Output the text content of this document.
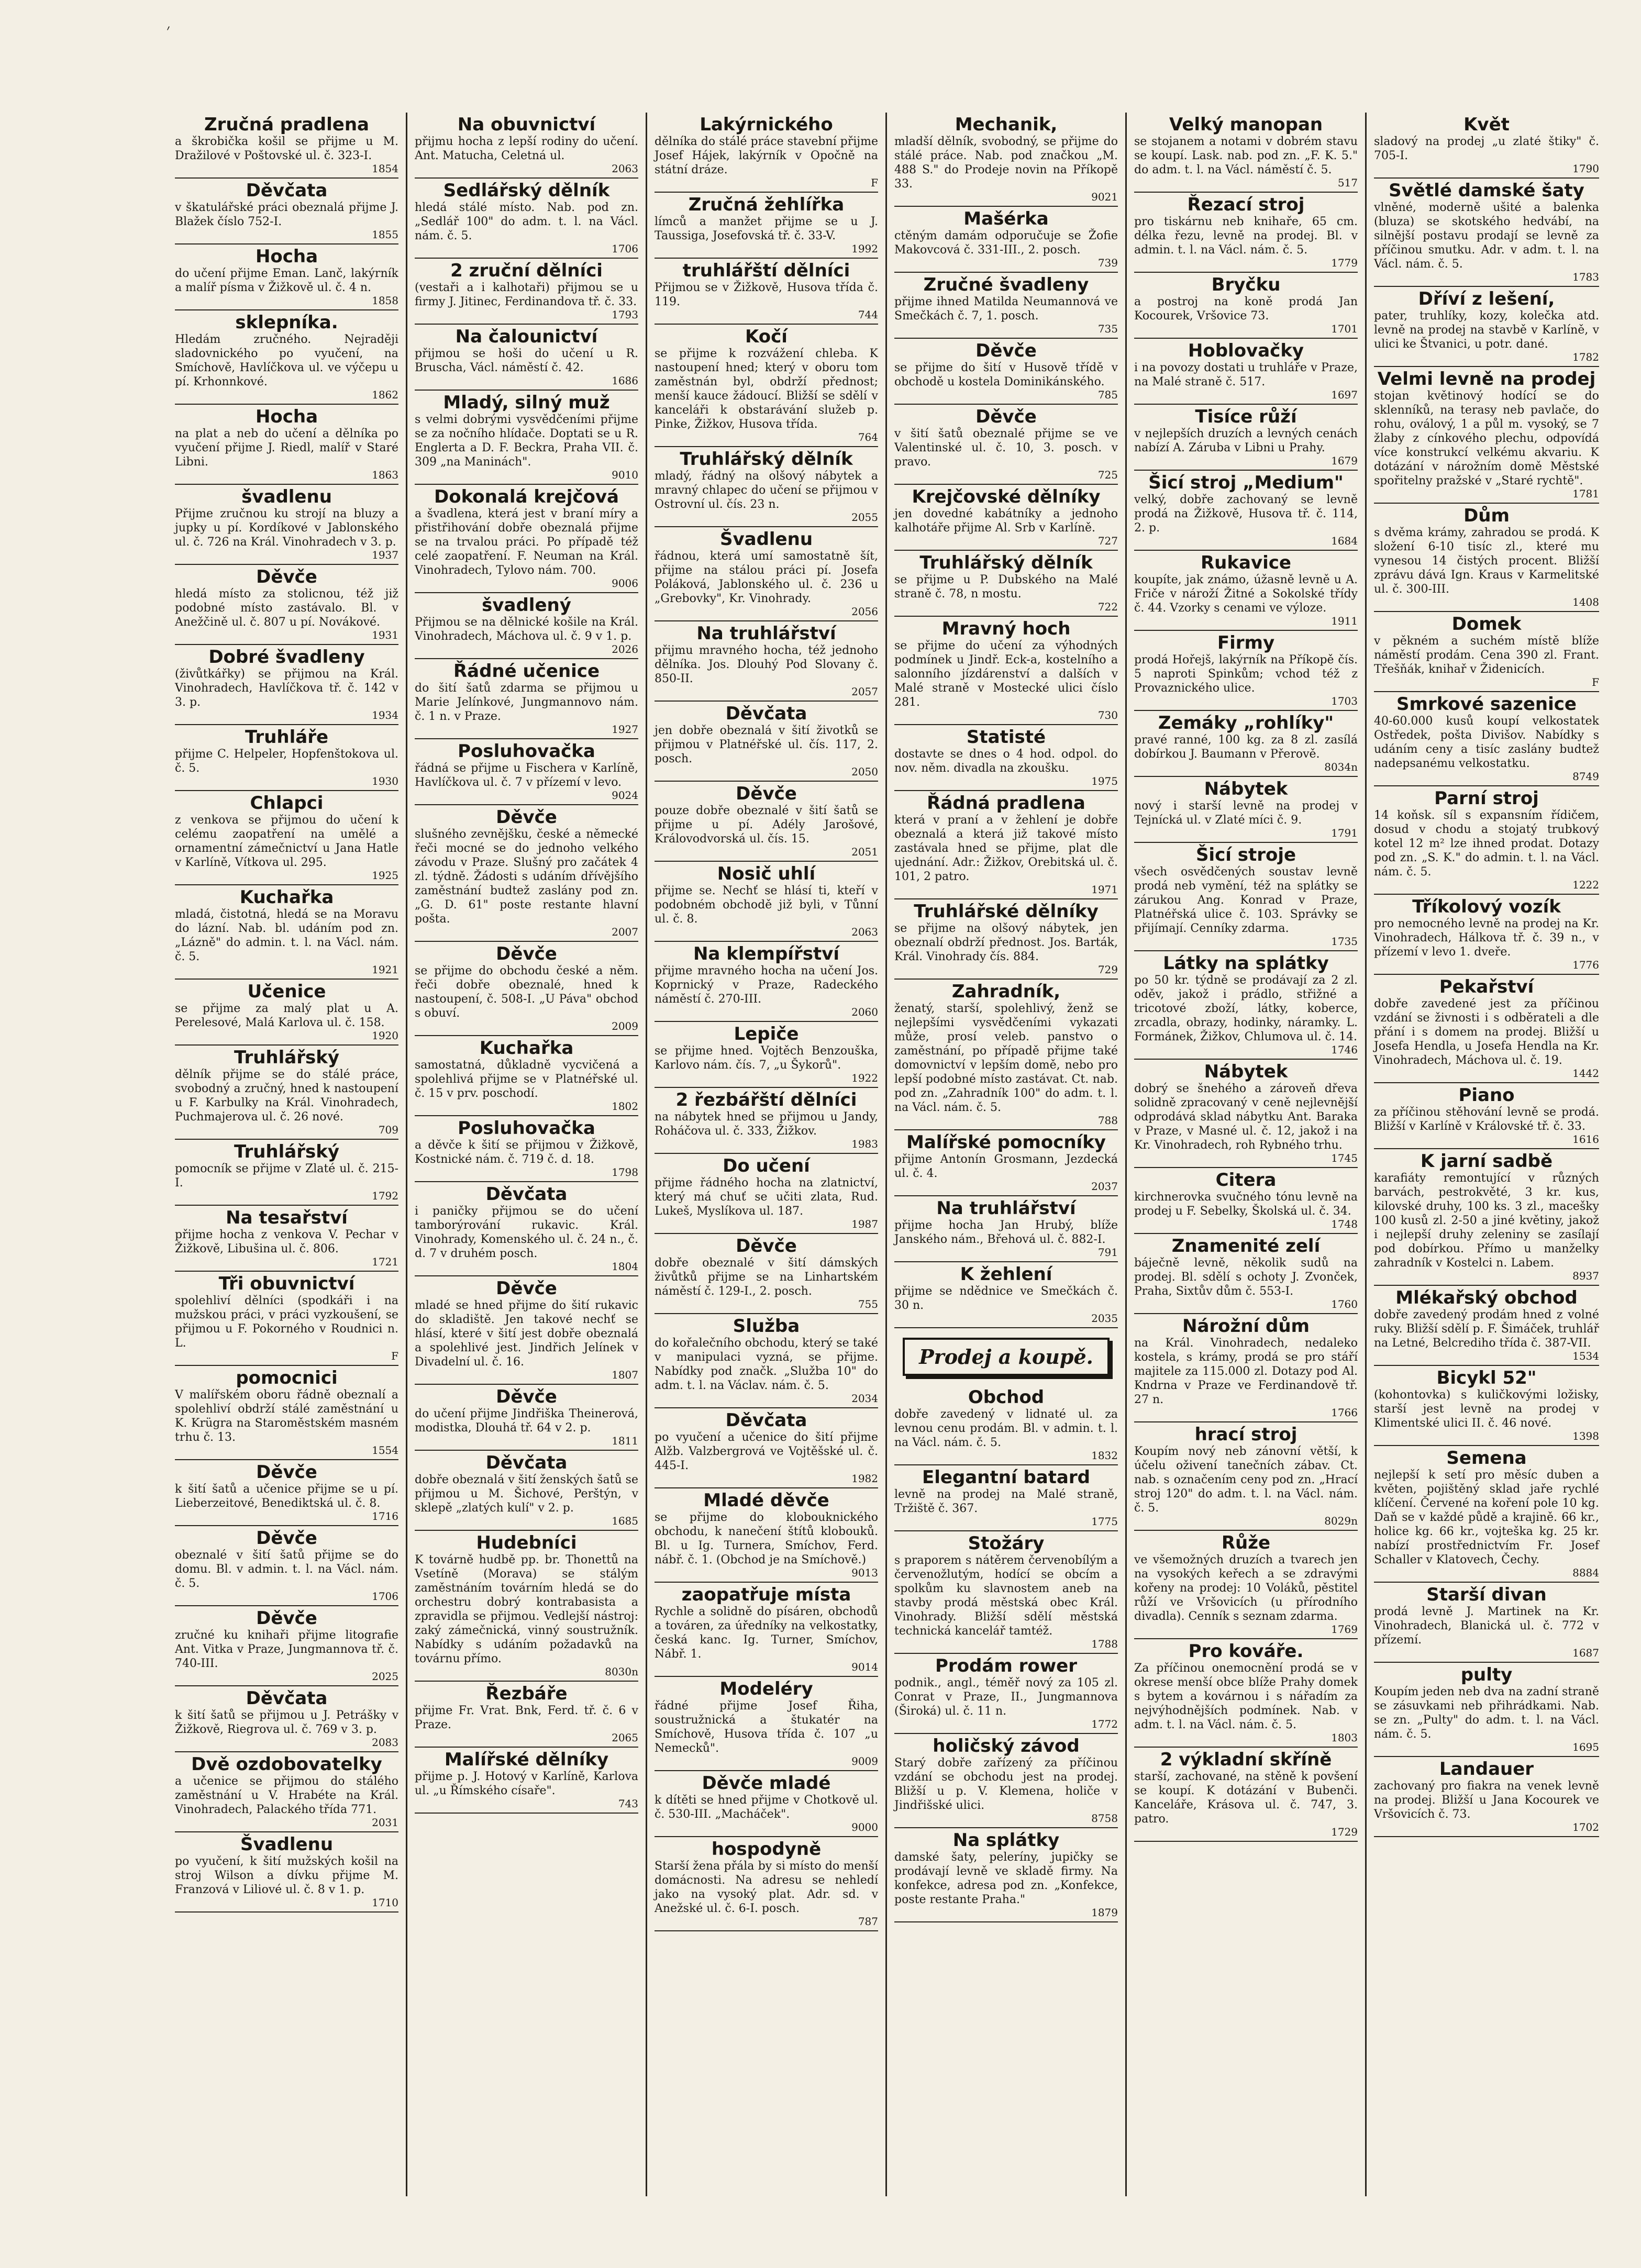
׳
Zručná pradlena

a škrobička košil se přijme u M. Dražilové v Poštovské ul. č. 323-I.

1854
Děvčata

v škatulářské práci obeznalá přijme J. Blažek číslo 752-I.

1855
Hocha

do učení přijme Eman. Lanč, lakýrník a malíř písma v Žižkově ul. č. 4 n.

1858
sklepníka.

Hledám zručného. Nejraději sladovnického po vyučení, na Smíchově, Havlíčkova ul. ve výčepu u pí. Krhonnkové.

1862
Hocha

na plat a neb do učení a dělníka po vyučení přijme J. Riedl, malíř v Staré Libni.

1863
švadlenu

Přijme zručnou ku strojí na bluzy a jupky u pí. Kordíkové v Jablonského ul. č. 726 na Král. Vinohradech v 3. p.

1937
Děvče

hledá místo za stolicnou, též již podobné místo zastávalo. Bl. v Anežčině ul. č. 807 u pí. Novákové.

1931
Dobré švadleny

(živůtkářky) se přijmou na Král. Vinohradech, Havlíčkova tř. č. 142 v 3. p.

1934
Truhláře

přijme C. Helpeler, Hopfenštokova ul. č. 5.

1930
Chlapci

z venkova se přijmou do učení k celému zaopatření na umělé a ornamentní zámečnictví u Jana Hatle v Karlíně, Vítkova ul. 295.

1925
Kuchařka

mladá, čistotná, hledá se na Moravu do lázní. Nab. bl. udáním pod zn. „Lázně" do admin. t. l. na Václ. nám. č. 5.

1921
Učenice

se přijme za malý plat u A. Perelesové, Malá Karlova ul. č. 158.

1920
Truhlářský

dělník přijme se do stálé práce, svobodný a zručný, hned k nastoupení u F. Karbulky na Král. Vinohradech, Puchmajerova ul. č. 26 nové.

709
Truhlářský

pomocník se přijme v Zlaté ul. č. 215-I.

1792
Na tesařství

přijme hocha z venkova V. Pechar v Žižkově, Libušina ul. č. 806.

1721
Tři obuvnictví

spolehliví dělníci (spodkáři i na mužskou práci, v práci vyzkoušení, se přijmou u F. Pokorného v Roudnici n. L.

F
pomocnici

V malířském oboru řádně obeznalí a spolehliví obdrží stálé zaměstnání u K. Krügra na Staroměstském masném trhu č. 13.

1554
Děvče

k šití šatů a učenice přijme se u pí. Lieberzeitové, Benediktská ul. č. 8.

1716
Děvče

obeznalé v šití šatů přijme se do domu. Bl. v admin. t. l. na Václ. nám. č. 5.

1706
Děvče

zručné ku knihaři přijme litografie Ant. Vitka v Praze, Jungmannova tř. č. 740-III.

2025
Děvčata

k šití šatů se přijmou u J. Petrášky v Žižkově, Riegrova ul. č. 769 v 3. p.

2083
Dvě ozdobovatelky

a učenice se přijmou do stálého zaměstnání u V. Hrabéte na Král. Vinohradech, Palackého třída 771.

2031
Švadlenu

po vyučení, k šití mužských košil na stroj Wilson a dívku přijme M. Franzová v Liliové ul. č. 8 v 1. p.

1710
Na obuvnictví

přijmu hocha z lepší rodiny do učení. Ant. Matucha, Celetná ul.

2063
Sedlářský dělník

hledá stálé místo. Nab. pod zn. „Sedlář 100" do adm. t. l. na Václ. nám. č. 5.

1706
2 zruční dělníci

(vestaři a i kalhotaři) přijmou se u firmy J. Jitinec, Ferdinandova tř. č. 33.

1793
Na čalounictví

přijmou se hoši do učení u R. Bruscha, Václ. náměstí č. 42.

1686
Mladý, silný muž

s velmi dobrými vysvědčeními přijme se za nočního hlídače. Doptati se u R. Englerta a D. F. Beckra, Praha VII. č. 309 „na Maninách".

9010
Dokonalá krejčová

a švadlena, která jest v braní míry a přistřihování dobře obeznalá přijme se na trvalou práci. Po případě též celé zaopatření. F. Neuman na Král. Vinohradech, Tylovo nám. 700.

9006
švadlený

Přijmou se na dělnické košile na Král. Vinohradech, Máchova ul. č. 9 v 1. p.

2026
Řádné učenice

do šití šatů zdarma se přijmou u Marie Jelínkové, Jungmannovo nám. č. 1 n. v Praze.

1927
Posluhovačka

řádná se přijme u Fischera v Karlíně, Havlíčkova ul. č. 7 v přízemí v levo.

9024
Děvče

slušného zevnějšku, české a německé řeči mocné se do jednoho velkého závodu v Praze. Slušný pro začátek 4 zl. týdně. Žádosti s udáním dřívějšího zaměstnání budtež zaslány pod zn. „G. D. 61" poste restante hlavní pošta.

2007
Děvče

se přijme do obchodu české a něm. řeči dobře obeznalé, hned k nastoupení, č. 508-I. „U Páva" obchod s obuví.

2009
Kuchařka

samostatná, důkladně vycvičená a spolehlivá přijme se v Platnéřské ul. č. 15 v prv. poschodí.

1802
Posluhovačka

a děvče k šití se přijmou v Žižkově, Kostnické nám. č. 719 č. d. 18.

1798
Děvčata

i paničky přijmou se do učení tamborýrování rukavic. Král. Vinohrady, Komenského ul. č. 24 n., č. d. 7 v druhém posch.

1804
Děvče

mladé se hned přijme do šití rukavic do skladiště. Jen takové nechť se hlásí, které v šití jest dobře obeznalá a spolehlivé jest. Jindřich Jelínek v Divadelní ul. č. 16.

1807
Děvče

do učení přijme Jindřiška Theinerová, modistka, Dlouhá tř. 64 v 2. p.

1811
Děvčata

dobře obeznalá v šití ženských šatů se přijmou u M. Šichové, Perštýn, v sklepě „zlatých kulí" v 2. p.

1685
Hudebníci

K továrně hudbě pp. br. Thonettů na Vsetíně (Morava) se stálým zaměstnáním továrním hledá se do orchestru dobrý kontrabasista a zpravidla se přijmou. Vedlejší nástroj: zaký zámečnická, vinný soustružník. Nabídky s udáním požadavků na továrnu přímo.

8030n
Řezbáře

přijme Fr. Vrat. Bnk, Ferd. tř. č. 6 v Praze.

2065
Malířské dělníky

přijme p. J. Hotový v Karlíně, Karlova ul. „u Římského císaře".

743
Lakýrnického

dělníka do stálé práce stavební přijme Josef Hájek, lakýrník v Opočně na státní dráze.

F
Zručná žehlířka

límců a manžet přijme se u J. Taussiga, Josefovská tř. č. 33-V.

1992
truhlářští dělníci

Přijmou se v Žižkově, Husova třída č. 119.

744
Kočí

se přijme k rozvážení chleba. K nastoupení hned; který v oboru tom zaměstnán byl, obdrží přednost; menší kauce žádoucí. Bližší se sdělí v kanceláři k obstarávání služeb p. Pinke, Žižkov, Husova třída.

764
Truhlářský dělník

mladý, řádný na olšový nábytek a mravný chlapec do učení se přijmou v Ostrovní ul. čís. 23 n.

2055
Švadlenu

řádnou, která umí samostatně šít, přijme na stálou práci pí. Josefa Poláková, Jablonského ul. č. 236 u „Grebovky", Kr. Vinohrady.

2056
Na truhlářství

přijmu mravného hocha, též jednoho dělníka. Jos. Dlouhý Pod Slovany č. 850-II.

2057
Děvčata

jen dobře obeznalá v šití životků se přijmou v Platnéřské ul. čís. 117, 2. posch.

2050
Děvče

pouze dobře obeznalé v šití šatů se přijme u pí. Adély Jarošové, Královodvorská ul. čís. 15.

2051
Nosič uhlí

přijme se. Nechť se hlásí ti, kteří v podobném obchodě již byli, v Tůnní ul. č. 8.

2063
Na klempířství

přijme mravného hocha na učení Jos. Koprnický v Praze, Radeckého náměstí č. 270-III.

2060
Lepiče

se přijme hned. Vojtěch Benzouška, Karlovo nám. čís. 7, „u Šykorů".

1922
2 řezbářští dělníci

na nábytek hned se přijmou u Jandy, Roháčova ul. č. 333, Žižkov.

1983
Do učení

přijme řádného hocha na zlatnictví, který má chuť se učiti zlata, Rud. Lukeš, Myslíkova ul. 187.

1987
Děvče

dobře obeznalé v šití dámských živůtků přijme se na Linhartském náměstí č. 129-I., 2. posch.

755
Služba

do kořalečního obchodu, který se také v manipulaci vyzná, se přijme. Nabídky pod značk. „Služba 10" do adm. t. l. na Václav. nám. č. 5.

2034
Děvčata

po vyučení a učenice do šití přijme Alžb. Valzbergrová ve Vojtěšské ul. č. 445-I.

1982
Mladé děvče

se přijme do klobouknického obchodu, k nanečení štítů klobouků. Bl. u Ig. Turnera, Smíchov, Ferd. nábř. č. 1. (Obchod je na Smíchově.)

9013
zaopatřuje místa

Rychle a solidně do písáren, obchodů a továren, za úředníky na velkostatky, česká kanc. Ig. Turner, Smíchov, Nábř. 1.

9014
Modeléry

řádné přijme Josef Řiha, soustružnická a štukatér na Smíchově, Husova třída č. 107 „u Nemecků".

9009
Děvče mladé

k dítěti se hned přijme v Chotkově ul. č. 530-III. „Macháček".

9000
hospodyně

Starší žena přála by si místo do menší domácnosti. Na adresu se nehledí jako na vysoký plat. Adr. sd. v Anežské ul. č. 6-I. posch.

787
Mechanik,

mladší dělník, svobodný, se přijme do stálé práce. Nab. pod značkou „M. 488 S." do Prodeje novin na Příkopě 33.

9021
Mašérka

ctěným damám odporučuje se Žofie Makovcová č. 331-III., 2. posch.

739
Zručné švadleny

přijme ihned Matilda Neumannová ve Smečkách č. 7, 1. posch.

735
Děvče

se přijme do šití v Husově třídě v obchodě u kostela Dominikánského.

785
Děvče

v šití šatů obeznalé přijme se ve Valentinské ul. č. 10, 3. posch. v pravo.

725
Krejčovské dělníky

jen dovedné kabátníky a jednoho kalhotáře přijme Al. Srb v Karlíně.

727
Truhlářský dělník

se přijme u P. Dubského na Malé straně č. 78, n mostu.

722
Mravný hoch

se přijme do učení za výhodných podmínek u Jindř. Eck-a, kostelního a salonního jízdárenství a dalších v Malé straně v Mostecké ulici číslo 281.

730
Statisté

dostavte se dnes o 4 hod. odpol. do nov. něm. divadla na zkoušku.

1975
Řádná pradlena

která v praní a v žehlení je dobře obeznalá a která již takové místo zastávala hned se přijme, plat dle ujednání. Adr.: Žižkov, Orebitská ul. č. 101, 2 patro.

1971
Truhlářské dělníky

se přijme na olšový nábytek, jen obeznalí obdrží přednost. Jos. Barták, Král. Vinohrady čís. 884.

729
Zahradník,

ženatý, starší, spolehlivý, ženž se nejlepšími vysvědčeními vykazati může, prosí veleb. panstvo o zaměstnání, po případě přijme také domovnictví v lepším domě, nebo pro lepší podobné místo zastávat. Ct. nab. pod zn. „Zahradník 100" do adm. t. l. na Václ. nám. č. 5.

788
Malířské pomocníky

přijme Antonín Grosmann, Jezdecká ul. č. 4.

2037
Na truhlářství

přijme hocha Jan Hrubý, blíže Janského nám., Břehová ul. č. 882-I.

791
K žehlení

přijme se ndědnice ve Smečkách č. 30 n.

2035
Prodej a koupě.
Obchod

dobře zavedený v lidnaté ul. za levnou cenu prodám. Bl. v admin. t. l. na Václ. nám. č. 5.

1832
Elegantní batard

levně na prodej na Malé straně, Tržiště č. 367.

1775
Stožáry

s praporem s nátěrem červenobílým a červenožlutým, hodící se obcím a spolkům ku slavnostem aneb na stavby prodá městská obec Král. Vinohrady. Bližší sdělí městská technická kancelář tamtéž.

1788
Prodám rower

podnik., angl., téměř nový za 105 zl. Conrat v Praze, II., Jungmannova (Široká) ul. č. 11 n.

1772
holičský závod

Starý dobře zařízený za příčinou vzdání se obchodu jest na prodej. Bližší u p. V. Klemena, holiče v Jindřišské ulici.

8758
Na splátky

damské šaty, peleríny, jupičky se prodávají levně ve skladě firmy. Na konfekce, adresa pod zn. „Konfekce, poste restante Praha."

1879
Velký manopan

se stojanem a notami v dobrém stavu se koupí. Lask. nab. pod zn. „F. K. 5." do adm. t. l. na Václ. náměstí č. 5.

517
Řezací stroj

pro tiskárnu neb knihaře, 65 cm. délka řezu, levně na prodej. Bl. v admin. t. l. na Václ. nám. č. 5.

1779
Bryčku

a postroj na koně prodá Jan Kocourek, Vršovice 73.

1701
Hoblovačky

i na povozy dostati u truhláře v Praze, na Malé straně č. 517.

1697
Tisíce růží

v nejlepších druzích a levných cenách nabízí A. Záruba v Libni u Prahy.

1679
Šicí stroj „Medium"

velký, dobře zachovaný se levně prodá na Žižkově, Husova tř. č. 114, 2. p.

1684
Rukavice

koupíte, jak známo, úžasně levně u A. Friče v nároží Žitné a Sokolské třídy č. 44. Vzorky s cenami ve výloze.

1911
Firmy

prodá Hořejš, lakýrník na Příkopě čís. 5 naproti Spinkům; vchod též z Provaznického ulice.

1703
Zemáky „rohlíky"

pravé ranné, 100 kg. za 8 zl. zasílá dobírkou J. Baumann v Přerově.

8034n
Nábytek

nový i starší levně na prodej v Tejnícká ul. v Zlaté míci č. 9.

1791
Šicí stroje

všech osvědčených soustav levně prodá neb vymění, též na splátky se zárukou Ang. Konrad v Praze, Platnéřská ulice č. 103. Správky se přijímají. Cenníky zdarma.

1735
Látky na splátky

po 50 kr. týdně se prodávají za 2 zl. oděv, jakož i prádlo, střižné a tricotové zboží, látky, koberce, zrcadla, obrazy, hodinky, náramky. L. Formánek, Žižkov, Chlumova ul. č. 14.

1746
Nábytek

dobrý se šnehého a zároveň dřeva solidně zpracovaný v ceně nejlevnější odprodává sklad nábytku Ant. Baraka v Praze, v Masné ul. č. 12, jakož i na Kr. Vinohradech, roh Rybného trhu.

1745
Citera

kirchnerovka svučného tónu levně na prodej u F. Sebelky, Školská ul. č. 34.

1748
Znamenité zelí

báječně levně, několik sudů na prodej. Bl. sdělí s ochoty J. Zvonček, Praha, Sixtův dům č. 553-I.

1760
Nárožní dům

na Král. Vinohradech, nedaleko kostela, s krámy, prodá se pro stáří majitele za 115.000 zl. Dotazy pod Al. Kndrna v Praze ve Ferdinandově tř. 27 n.

1766
hrací stroj

Koupím nový neb zánovní větší, k účelu oživení tanečních zábav. Ct. nab. s označením ceny pod zn. „Hrací stroj 120" do adm. t. l. na Václ. nám. č. 5.

8029n
Růže

ve všemožných druzích a tvarech jen na vysokých keřech a se zdravými kořeny na prodej: 10 Voláků, pěstitel růží ve Vršovicích (u přírodního divadla). Cenník s seznam zdarma.

1769
Pro kováře.

Za příčinou onemocnění prodá se v okrese menší obce blíže Prahy domek s bytem a kovárnou i s nářadím za nejvýhodnějších podmínek. Nab. v adm. t. l. na Václ. nám. č. 5.

1803
2 výkladní skříně

starší, zachované, na stěně k povšení se koupí. K dotázání v Bubenči. Kanceláře, Krásova ul. č. 747, 3. patro.

1729
Květ

sladový na prodej „u zlaté štiky" č. 705-I.

1790
Světlé damské šaty

vlněné, moderně ušité a balenka (bluza) se skotského hedvábí, na silnější postavu prodají se levně za příčinou smutku. Adr. v adm. t. l. na Václ. nám. č. 5.

1783
Dříví z lešení,

pater, truhlíky, kozy, kolečka atd. levně na prodej na stavbě v Karlíně, v ulici ke Štvanici, u potr. dané.

1782
Velmi levně na prodej

stojan květinový hodící se do sklenníků, na terasy neb pavlače, do rohu, oválový, 1 a půl m. vysoký, se 7 žlaby z cínkového plechu, odpovídá více konstrukcí velkému akvariu. K dotázání v nárožním domě Městské spořitelny pražské v „Staré rychtě".

1781
Dům

s dvěma krámy, zahradou se prodá. K složení 6-10 tisíc zl., které mu vynesou 14 čistých procent. Bližší zprávu dává Ign. Kraus v Karmelitské ul. č. 300-III.

1408
Domek

v pěkném a suchém místě blíže náměstí prodám. Cena 390 zl. Frant. Třešňák, knihař v Židenicích.

F
Smrkové sazenice

40-60.000 kusů koupí velkostatek Ostředek, pošta Divišov. Nabídky s udáním ceny a tisíc zaslány budtež nadepsanému velkostatku.

8749
Parní stroj

14 koňsk. síl s expansním řídičem, dosud v chodu a stojatý trubkový kotel 12 m² lze ihned prodat. Dotazy pod zn. „S. K." do admin. t. l. na Václ. nám. č. 5.

1222
Tříkolový vozík

pro nemocného levně na prodej na Kr. Vinohradech, Hálkova tř. č. 39 n., v přízemí v levo 1. dveře.

1776
Pekařství

dobře zavedené jest za příčinou vzdání se živnosti i s odběrateli a dle přání i s domem na prodej. Bližší u Josefa Hendla, u Josefa Hendla na Kr. Vinohradech, Máchova ul. č. 19.

1442
Piano

za příčinou stěhování levně se prodá. Bližší v Karlíně v Královské tř. č. 33.

1616
K jarní sadbě

karafiáty remontující v různých barvách, pestrokvěté, 3 kr. kus, kilovské druhy, 100 ks. 3 zl., macešky 100 kusů zl. 2-50 a jiné květiny, jakož i nejlepší druhy zeleniny se zasílají pod dobírkou. Přímo u manželky zahradník v Kostelci n. Labem.

8937
Mlékařský obchod

dobře zavedený prodám hned z volné ruky. Bližší sdělí p. F. Šimáček, truhlář na Letné, Belcrediho třída č. 387-VII.

1534
Bicykl 52"

(kohontovka) s kuličkovými ložisky, starší jest levně na prodej v Klimentské ulici II. č. 46 nové.

1398
Semena

nejlepší k setí pro měsíc duben a květen, pojištěný sklad jaře rychlé klíčení. Červené na koření pole 10 kg. Daň se v každé půdě a krajině. 66 kr., holice kg. 66 kr., vojteška kg. 25 kr. nabízí prostřednictvím Fr. Josef Schaller v Klatovech, Čechy.

8884
Starší divan

prodá levně J. Martinek na Kr. Vinohradech, Blanická ul. č. 772 v přízemí.

1687
pulty

Koupím jeden neb dva na zadní straně se zásuvkami neb přihrádkami. Nab. se zn. „Pulty" do adm. t. l. na Václ. nám. č. 5.

1695
Landauer

zachovaný pro fiakra na venek levně na prodej. Bližší u Jana Kocourek ve Vršovicích č. 73.

1702
